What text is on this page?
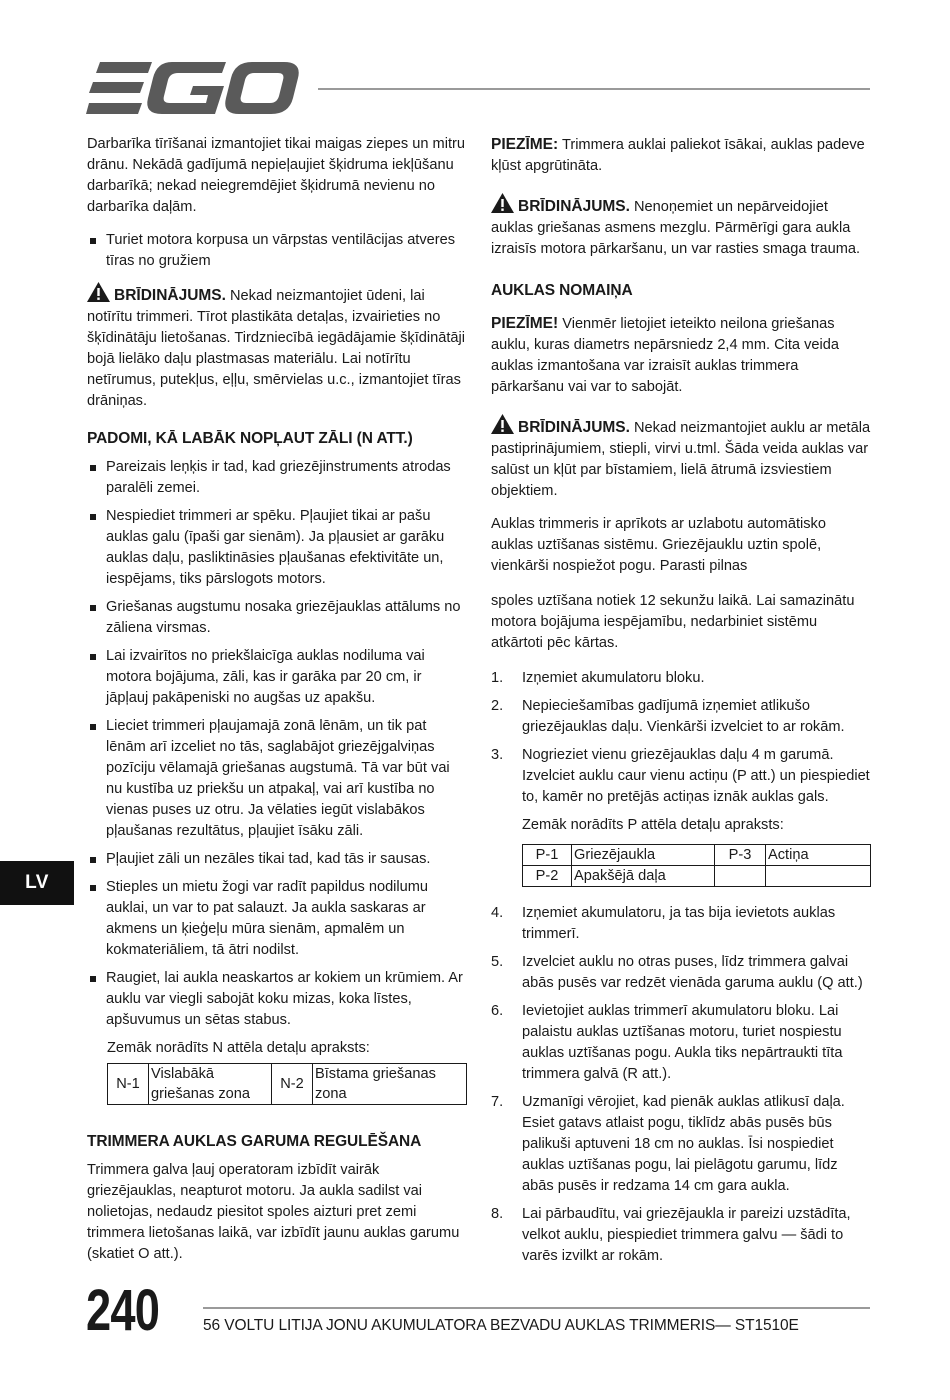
Darbarīka tīrīšanai izmantojiet tikai maigas ziepes un mitru drānu. Nekādā gadījumā nepieļaujiet šķidruma iekļūšanu darbarīkā; nekad neiegremdējiet šķidrumā nevienu no darbarīka daļām.

Turiet motora korpusa un vārpstas ventilācijas atveres tīras no gružiem

BRĪDINĀJUMS. Nekad neizmantojiet ūdeni, lai notīrītu trimmeri. Tīrot plastikāta detaļas, izvairieties no šķīdinātāju lietošanas. Tirdzniecībā iegādājamie šķīdinātāji bojā lielāko daļu plastmasas materiālu. Lai notīrītu netīrumus, putekļus, eļļu, smērvielas u.c., izmantojiet tīras drāniņas.

PADOMI, KĀ LABĀK NOPĻAUT ZĀLI (N ATT.)
Pareizais leņķis ir tad, kad griezējinstruments atrodas paralēli zemei.
Nespiediet trimmeri ar spēku. Pļaujiet tikai ar pašu auklas galu (īpaši gar sienām). Ja pļausiet ar garāku auklas daļu, pasliktināsies pļaušanas efektivitāte un, iespējams, tiks pārslogots motors.
Griešanas augstumu nosaka griezējauklas attālums no zāliena virsmas.
Lai izvairītos no priekšlaicīga auklas nodiluma vai motora bojājuma, zāli, kas ir garāka par 20 cm, ir jāpļauj pakāpeniski no augšas uz apakšu.
Lieciet trimmeri pļaujamajā zonā lēnām, un tik pat lēnām arī izceliet no tās, saglabājot griezējgalviņas pozīciju vēlamajā griešanas augstumā. Tā var būt vai nu kustība uz priekšu un atpakaļ, vai arī kustība no vienas puses uz otru. Ja vēlaties iegūt vislabākos pļaušanas rezultātus, pļaujiet īsāku zāli.
Pļaujiet zāli un nezāles tikai tad, kad tās ir sausas.
Stieples un mietu žogi var radīt papildus nodilumu auklai, un var to pat salauzt. Ja aukla saskaras ar akmens un ķieģeļu mūra sienām, apmalēm un kokmateriāliem, tā ātri nodilst.
Raugiet, lai aukla neaskartos ar kokiem un krūmiem. Ar auklu var viegli sabojāt koku mizas, koka līstes, apšuvumus un sētas stabus.

Zemāk norādīts N attēla detaļu apraksts:

N-1	Vislabākā griešanas zona	N-2	Bīstama griešanas zona
TRIMMERA AUKLAS GARUMA REGULĒŠANA

Trimmera galva ļauj operatoram izbīdīt vairāk griezējauklas, neapturot motoru. Ja aukla sadilst vai nolietojas, nedaudz piesitot spoles aizturi pret zemi trimmera lietošanas laikā, var izbīdīt jaunu auklas garumu (skatiet O att.).

PIEZĪME: Trimmera auklai paliekot īsākai, auklas padeve kļūst apgrūtināta.

BRĪDINĀJUMS. Nenoņemiet un nepārveidojiet auklas griešanas asmens mezglu. Pārmērīgi gara aukla izraisīs motora pārkaršanu, un var rasties smaga trauma.

AUKLAS NOMAIŅA

PIEZĪME! Vienmēr lietojiet ieteikto neilona griešanas auklu, kuras diametrs nepārsniedz 2,4 mm. Cita veida auklas izmantošana var izraisīt auklas trimmera pārkaršanu vai var to sabojāt.

BRĪDINĀJUMS. Nekad neizmantojiet auklu ar metāla pastiprinājumiem, stiepli, virvi u.tml. Šāda veida auklas var salūst un kļūt par bīstamiem, lielā ātrumā izsviestiem objektiem.

Auklas trimmeris ir aprīkots ar uzlabotu automātisko auklas uztīšanas sistēmu. Griezējauklu uztin spolē, vienkārši nospiežot pogu. Parasti pilnas

spoles uztīšana notiek 12 sekunžu laikā. Lai samazinātu motora bojājuma iespējamību, nedarbiniet sistēmu atkārtoti pēc kārtas.

1. Izņemiet akumulatoru bloku.
2. Nepieciešamības gadījumā izņemiet atlikušo griezējauklas daļu. Vienkārši izvelciet to ar rokām.
3. Nogrieziet vienu griezējauklas daļu 4 m garumā. Izvelciet auklu caur vienu actiņu (P att.) un piespiediet to, kamēr no pretējās actiņas iznāk auklas gals.

Zemāk norādīts P attēla detaļu apraksts:

P-1	Griezējaukla	P-3	Actiņa
P-2	Apakšējā daļa		
4. Izņemiet akumulatoru, ja tas bija ievietots auklas trimmerī.
5. Izvelciet auklu no otras puses, līdz trimmera galvai abās pusēs var redzēt vienāda garuma auklu (Q att.)
6. Ievietojiet auklas trimmerī akumulatoru bloku. Lai palaistu auklas uztīšanas motoru, turiet nospiestu auklas uztīšanas pogu. Aukla tiks nepārtraukti tīta trimmera galvā (R att.).
7. Uzmanīgi vērojiet, kad pienāk auklas atlikusī daļa. Esiet gatavs atlaist pogu, tiklīdz abās pusēs būs palikuši aptuveni 18 cm no auklas. Īsi nospiediet auklas uztīšanas pogu, lai pielāgotu garumu, līdz abās pusēs ir redzama 14 cm gara aukla.
8. Lai pārbaudītu, vai griezējaukla ir pareizi uzstādīta, velkot auklu, piespiediet trimmera galvu — šādi to varēs izvilkt ar rokām.
LV
240	56 VOLTU LITIJA JONU AKUMULATORA BEZVADU AUKLAS TRIMMERIS— ST1510E
